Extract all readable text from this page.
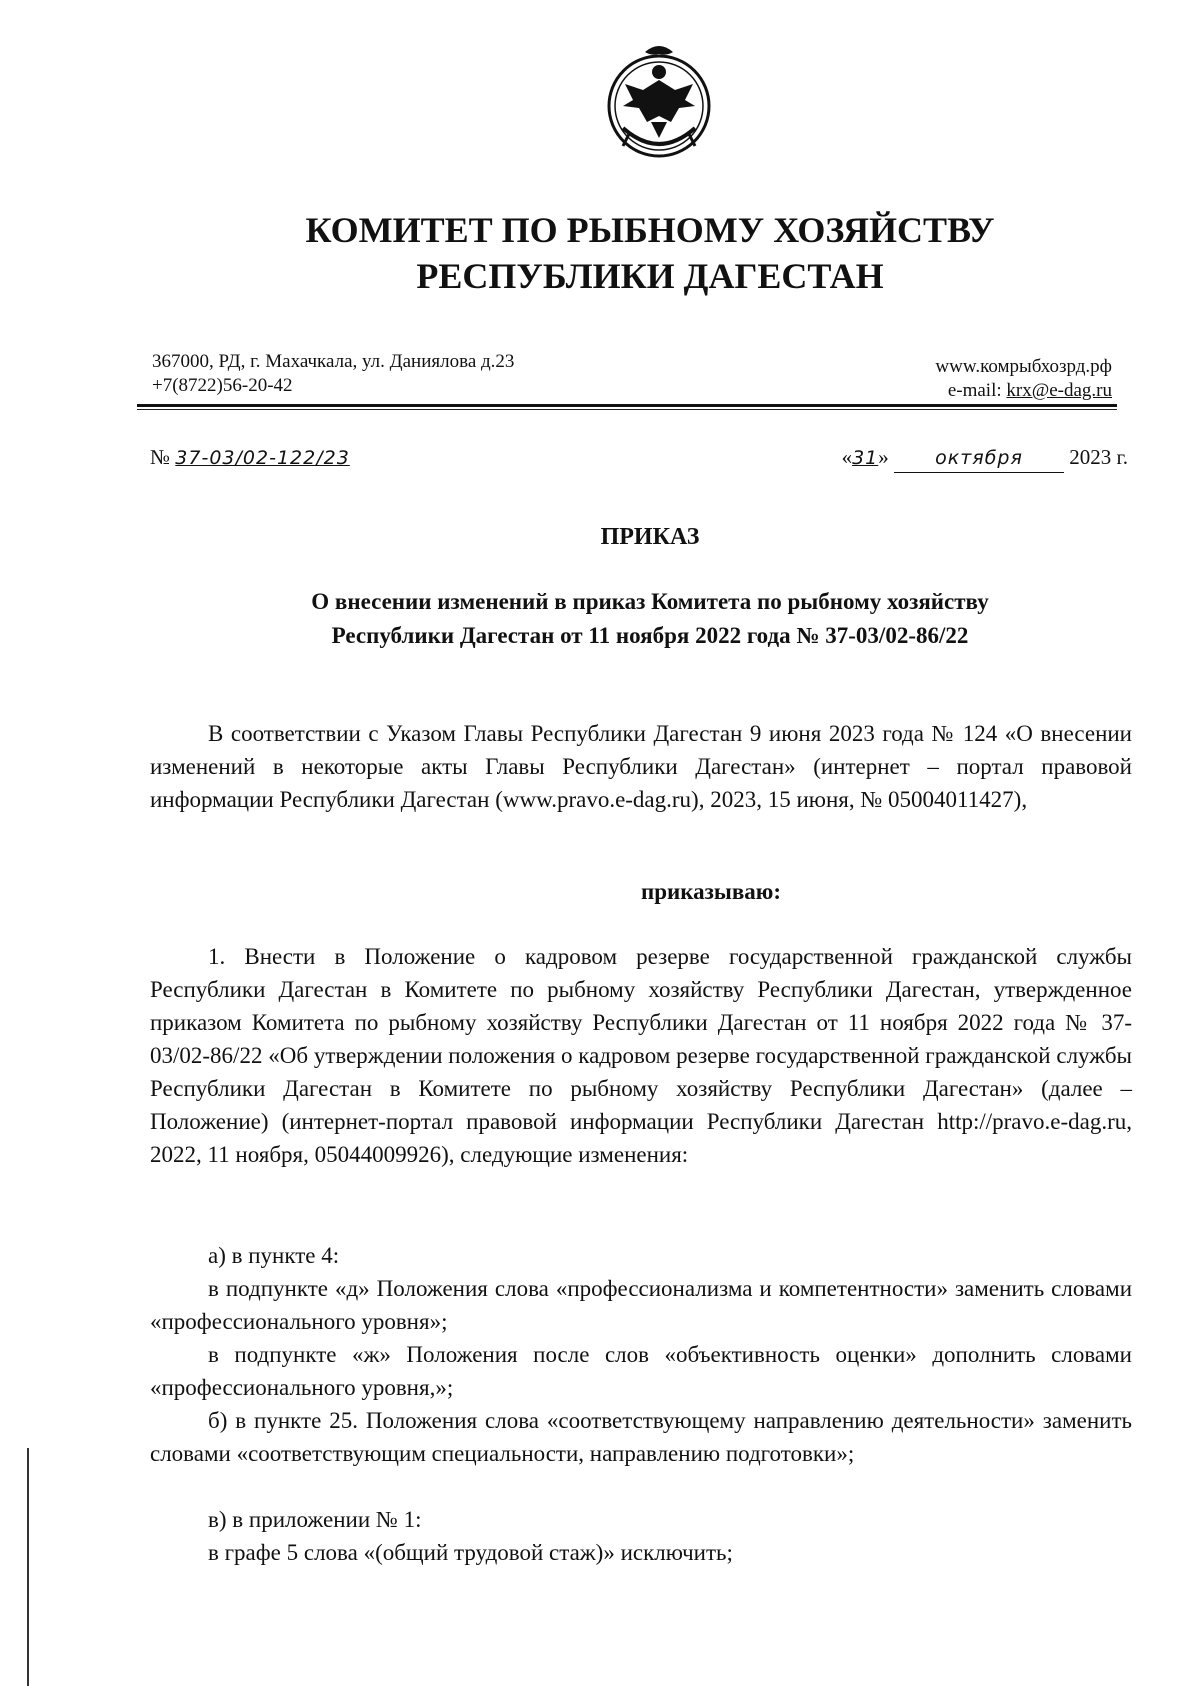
КОМИТЕТ ПО РЫБНОМУ ХОЗЯЙСТВУ
РЕСПУБЛИКИ ДАГЕСТАН
367000, РД, г. Махачкала, ул. Даниялова д.23
+7(8722)56-20-42
www.комрыбхозрд.рф
e-mail: krx@e-dag.ru
№ 37-03/02-122/23	«31» октября 2023 г.
ПРИКАЗ
О внесении изменений в приказ Комитета по рыбному хозяйству
Республики Дагестан от 11 ноября 2022 года № 37-03/02-86/22
В соответствии с Указом Главы Республики Дагестан 9 июня 2023 года № 124 «О внесении изменений в некоторые акты Главы Республики Дагестан» (интернет – портал правовой информации Республики Дагестан (www.pravo.e-dag.ru), 2023, 15 июня, № 05004011427),
приказываю:
1. Внести в Положение о кадровом резерве государственной гражданской службы Республики Дагестан в Комитете по рыбному хозяйству Республики Дагестан, утвержденное приказом Комитета по рыбному хозяйству Республики Дагестан от 11 ноября 2022 года № 37-03/02-86/22 «Об утверждении положения о кадровом резерве государственной гражданской службы Республики Дагестан в Комитете по рыбному хозяйству Республики Дагестан» (далее – Положение) (интернет-портал правовой информации Республики Дагестан http://pravo.e-dag.ru, 2022, 11 ноября, 05044009926), следующие изменения:
а) в пункте 4:
в подпункте «д» Положения слова «профессионализма и компетентности» заменить словами «профессионального уровня»;
в подпункте «ж» Положения после слов «объективность оценки» дополнить словами «профессионального уровня,»;
б) в пункте 25. Положения слова «соответствующему направлению деятельности» заменить словами «соответствующим специальности, направлению подготовки»;
в) в приложении № 1:
в графе 5 слова «(общий трудовой стаж)» исключить;
